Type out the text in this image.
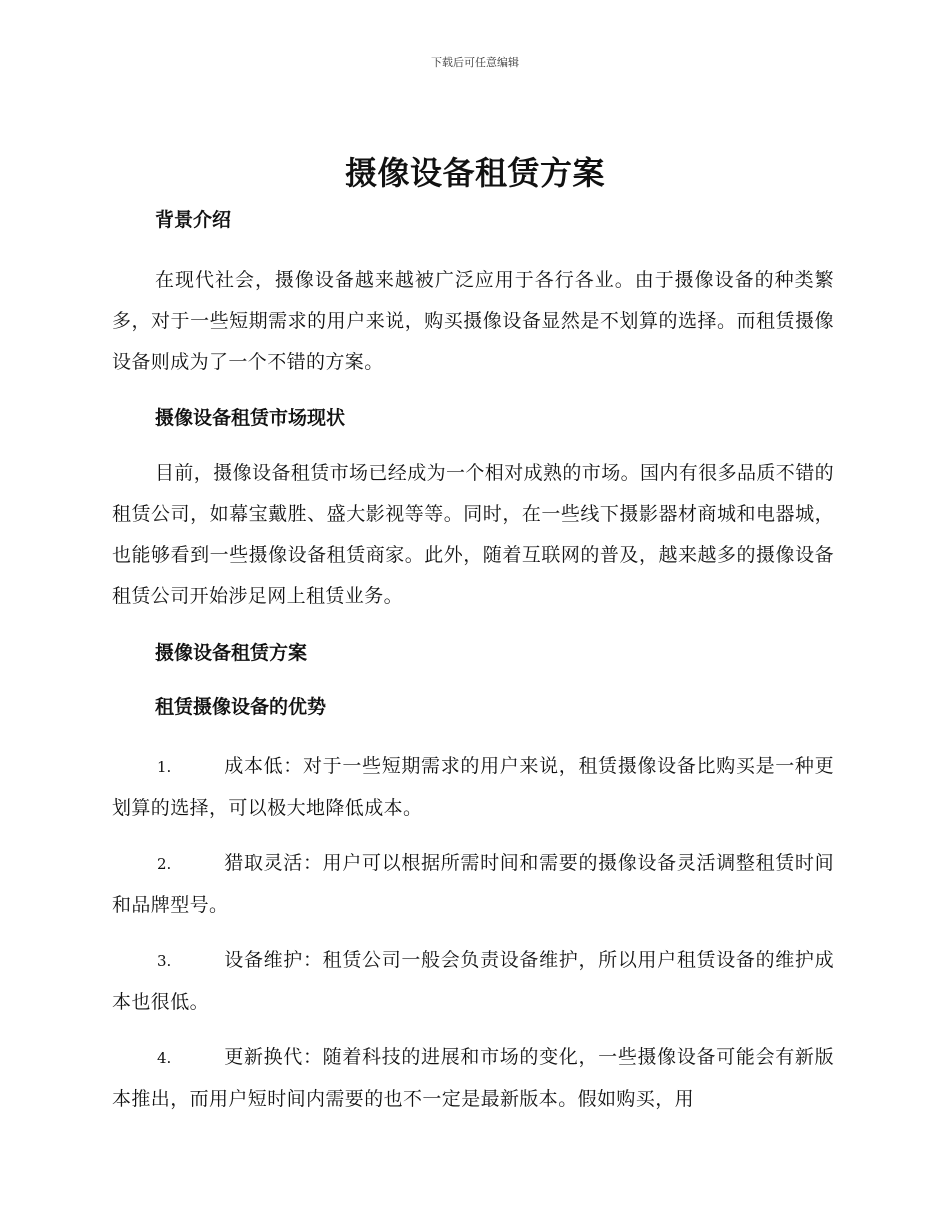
下载后可任意编辑
摄像设备租赁方案
背景介绍

在现代社会，摄像设备越来越被广泛应用于各行各业。由于摄像设备的种类繁多，对于一些短期需求的用户来说，购买摄像设备显然是不划算的选择。而租赁摄像设备则成为了一个不错的方案。

摄像设备租赁市场现状

目前，摄像设备租赁市场已经成为一个相对成熟的市场。国内有很多品质不错的租赁公司，如幕宝戴胜、盛大影视等等。同时，在一些线下摄影器材商城和电器城，也能够看到一些摄像设备租赁商家。此外，随着互联网的普及，越来越多的摄像设备租赁公司开始涉足网上租赁业务。

摄像设备租赁方案
租赁摄像设备的优势

1.	成本低：对于一些短期需求的用户来说，租赁摄像设备比购买是一种更划算的选择，可以极大地降低成本。

2.	猎取灵活：用户可以根据所需时间和需要的摄像设备灵活调整租赁时间和品牌型号。

3.	设备维护：租赁公司一般会负责设备维护，所以用户租赁设备的维护成本也很低。

4.	更新换代：随着科技的进展和市场的变化，一些摄像设备可能会有新版本推出，而用户短时间内需要的也不一定是最新版本。假如购买，用
